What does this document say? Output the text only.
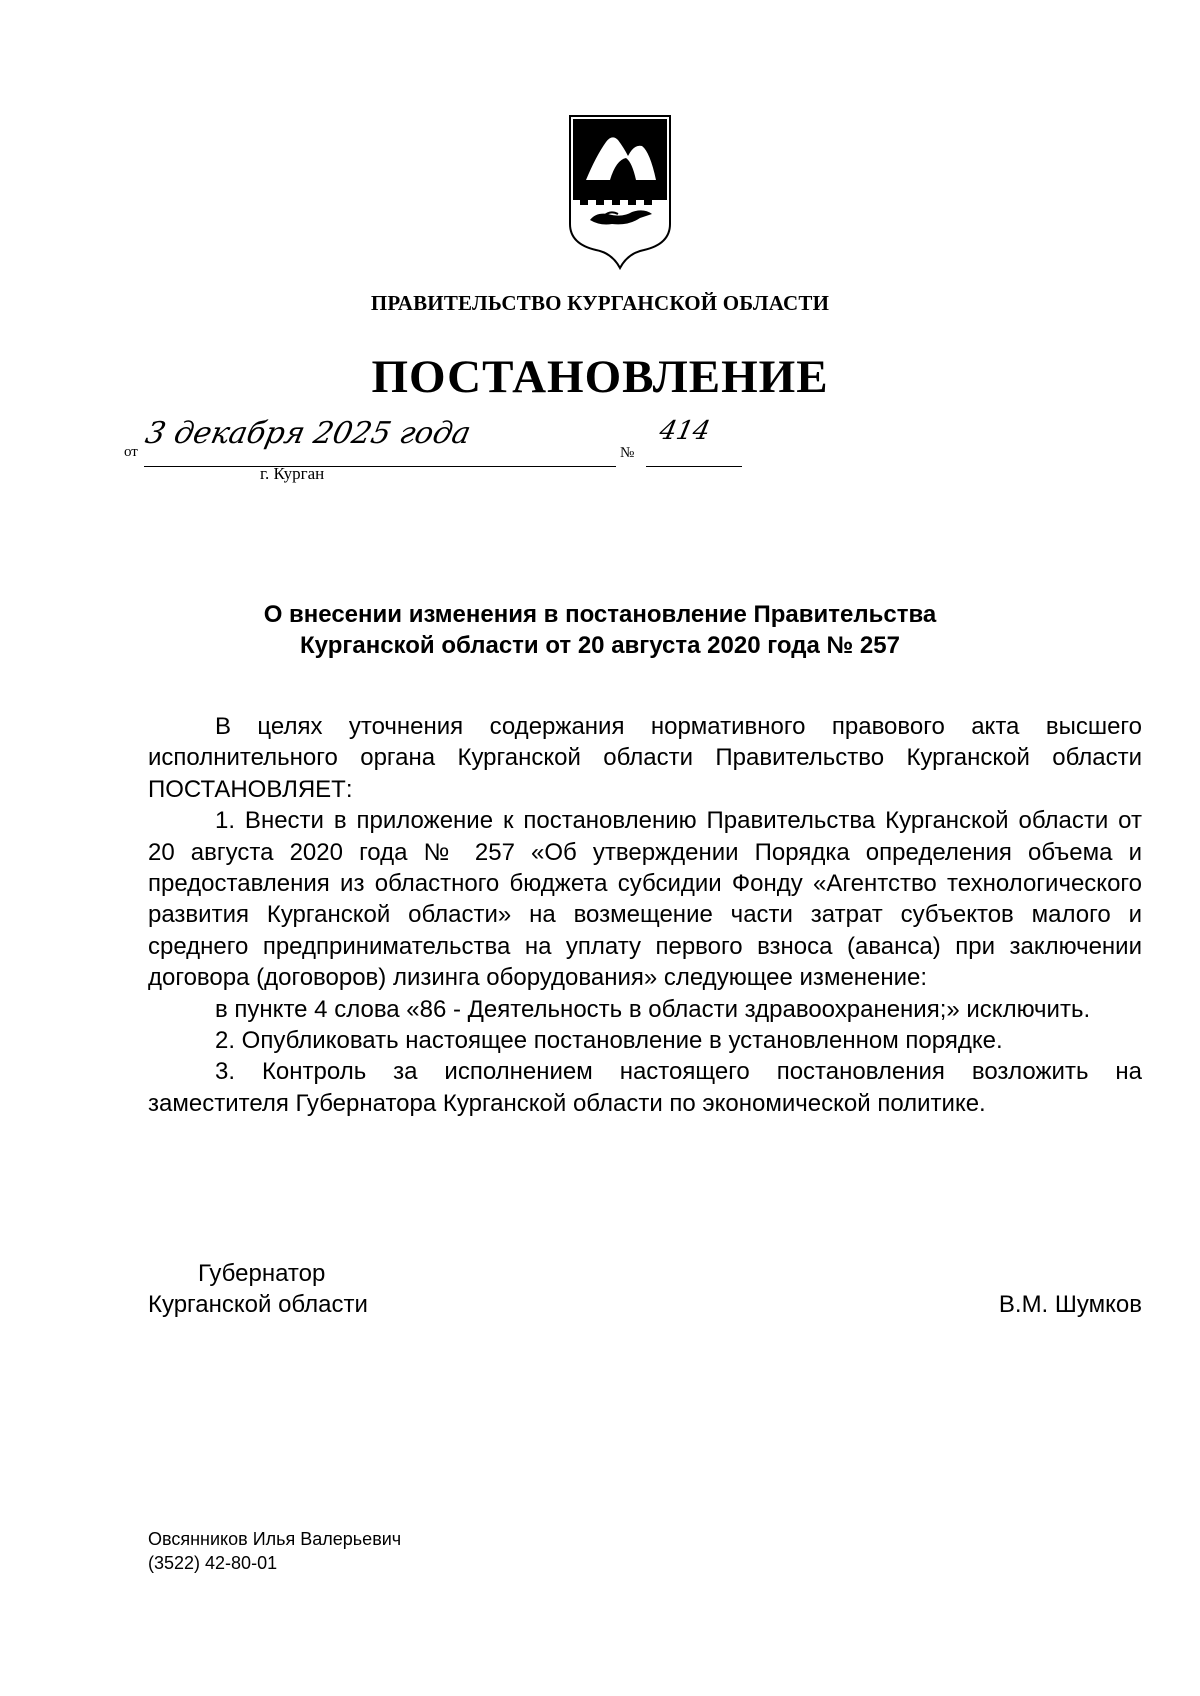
ПРАВИТЕЛЬСТВО КУРГАНСКОЙ ОБЛАСТИ
ПОСТАНОВЛЕНИЕ
от
3 декабря 2025 года
№
414
г. Курган
О внесении изменения в постановление Правительства
Курганской области от 20 августа 2020 года № 257

В целях уточнения содержания нормативного правового акта высшего исполнительного органа Курганской области Правительство Курганской области ПОСТАНОВЛЯЕТ:

1. Внести в приложение к постановлению Правительства Курганской области от 20 августа 2020 года № 257 «Об утверждении Порядка определения объема и предоставления из областного бюджета субсидии Фонду «Агентство технологического развития Курганской области» на возмещение части затрат субъектов малого и среднего предпринимательства на уплату первого взноса (аванса) при заключении договора (договоров) лизинга оборудования» следующее изменение:

в пункте 4 слова «86 - Деятельность в области здравоохранения;» исключить.

2. Опубликовать настоящее постановление в установленном порядке.

3. Контроль за исполнением настоящего постановления возложить на заместителя Губернатора Курганской области по экономической политике.

Губернатор
Курганской области	В.М. Шумков
Овсянников Илья Валерьевич
(3522) 42-80-01
